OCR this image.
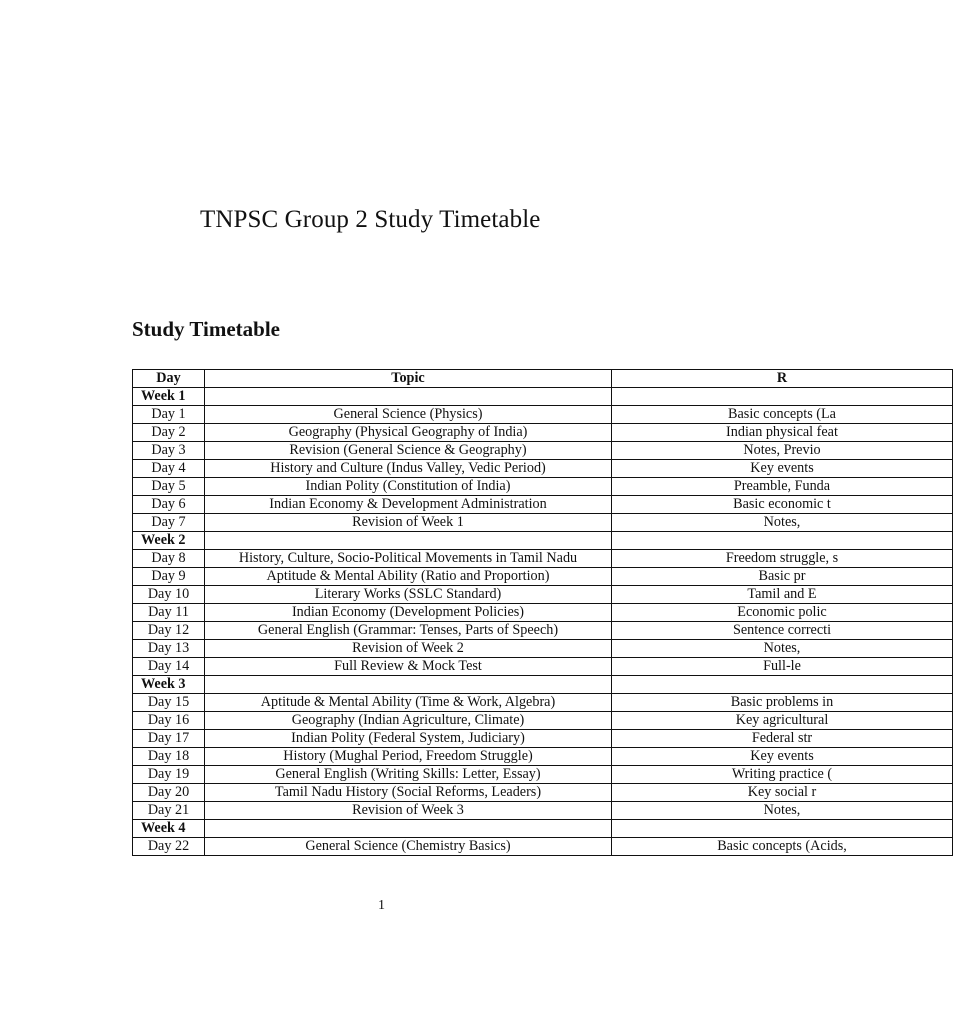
TNPSC Group 2 Study Timetable
Study Timetable
Day	Topic	R
Week 1		
Day 1	General Science (Physics)	Basic concepts (La
Day 2	Geography (Physical Geography of India)	Indian physical feat
Day 3	Revision (General Science & Geography)	Notes, Previo
Day 4	History and Culture (Indus Valley, Vedic Period)	Key events
Day 5	Indian Polity (Constitution of India)	Preamble, Funda
Day 6	Indian Economy & Development Administration	Basic economic t
Day 7	Revision of Week 1	Notes,
Week 2		
Day 8	History, Culture, Socio-Political Movements in Tamil Nadu	Freedom struggle, s
Day 9	Aptitude & Mental Ability (Ratio and Proportion)	Basic pr
Day 10	Literary Works (SSLC Standard)	Tamil and E
Day 11	Indian Economy (Development Policies)	Economic polic
Day 12	General English (Grammar: Tenses, Parts of Speech)	Sentence correcti
Day 13	Revision of Week 2	Notes,
Day 14	Full Review & Mock Test	Full-le
Week 3		
Day 15	Aptitude & Mental Ability (Time & Work, Algebra)	Basic problems in
Day 16	Geography (Indian Agriculture, Climate)	Key agricultural
Day 17	Indian Polity (Federal System, Judiciary)	Federal str
Day 18	History (Mughal Period, Freedom Struggle)	Key events
Day 19	General English (Writing Skills: Letter, Essay)	Writing practice (
Day 20	Tamil Nadu History (Social Reforms, Leaders)	Key social r
Day 21	Revision of Week 3	Notes,
Week 4		
Day 22	General Science (Chemistry Basics)	Basic concepts (Acids,
1
